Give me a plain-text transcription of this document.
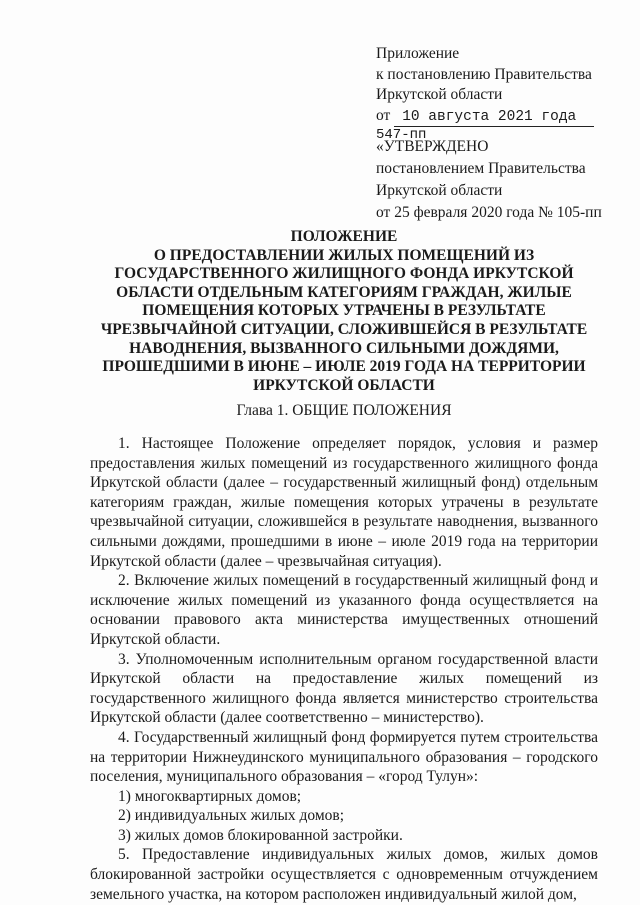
Приложение
к постановлению Правительства
Иркутской области
от 10 августа 2021 года
547-пп
«УТВЕРЖДЕНО
постановлением Правительства
Иркутской области
от 25 февраля 2020 года № 105-пп
ПОЛОЖЕНИЕ
О ПРЕДОСТАВЛЕНИИ ЖИЛЫХ ПОМЕЩЕНИЙ ИЗ
ГОСУДАРСТВЕННОГО ЖИЛИЩНОГО ФОНДА ИРКУТСКОЙ
ОБЛАСТИ ОТДЕЛЬНЫМ КАТЕГОРИЯМ ГРАЖДАН, ЖИЛЫЕ
ПОМЕЩЕНИЯ КОТОРЫХ УТРАЧЕНЫ В РЕЗУЛЬТАТЕ
ЧРЕЗВЫЧАЙНОЙ СИТУАЦИИ, СЛОЖИВШЕЙСЯ В РЕЗУЛЬТАТЕ
НАВОДНЕНИЯ, ВЫЗВАННОГО СИЛЬНЫМИ ДОЖДЯМИ,
ПРОШЕДШИМИ В ИЮНЕ – ИЮЛЕ 2019 ГОДА НА ТЕРРИТОРИИ
ИРКУТСКОЙ ОБЛАСТИ
Глава 1. ОБЩИЕ ПОЛОЖЕНИЯ

1. Настоящее Положение определяет порядок, условия и размер предоставления жилых помещений из государственного жилищного фонда Иркутской области (далее – государственный жилищный фонд) отдельным категориям граждан, жилые помещения которых утрачены в результате чрезвычайной ситуации, сложившейся в результате наводнения, вызванного сильными дождями, прошедшими в июне – июле 2019 года на территории Иркутской области (далее – чрезвычайная ситуация).

2. Включение жилых помещений в государственный жилищный фонд и исключение жилых помещений из указанного фонда осуществляется на основании правового акта министерства имущественных отношений Иркутской области.

3. Уполномоченным исполнительным органом государственной власти Иркутской области на предоставление жилых помещений из государственного жилищного фонда является министерство строительства Иркутской области (далее соответственно – министерство).

4. Государственный жилищный фонд формируется путем строительства на территории Нижнеудинского муниципального образования – городского поселения, муниципального образования – «город Тулун»:

1) многоквартирных домов;

2) индивидуальных жилых домов;

3) жилых домов блокированной застройки.

5. Предоставление индивидуальных жилых домов, жилых домов блокированной застройки осуществляется с одновременным отчуждением земельного участка, на котором расположен индивидуальный жилой дом,
